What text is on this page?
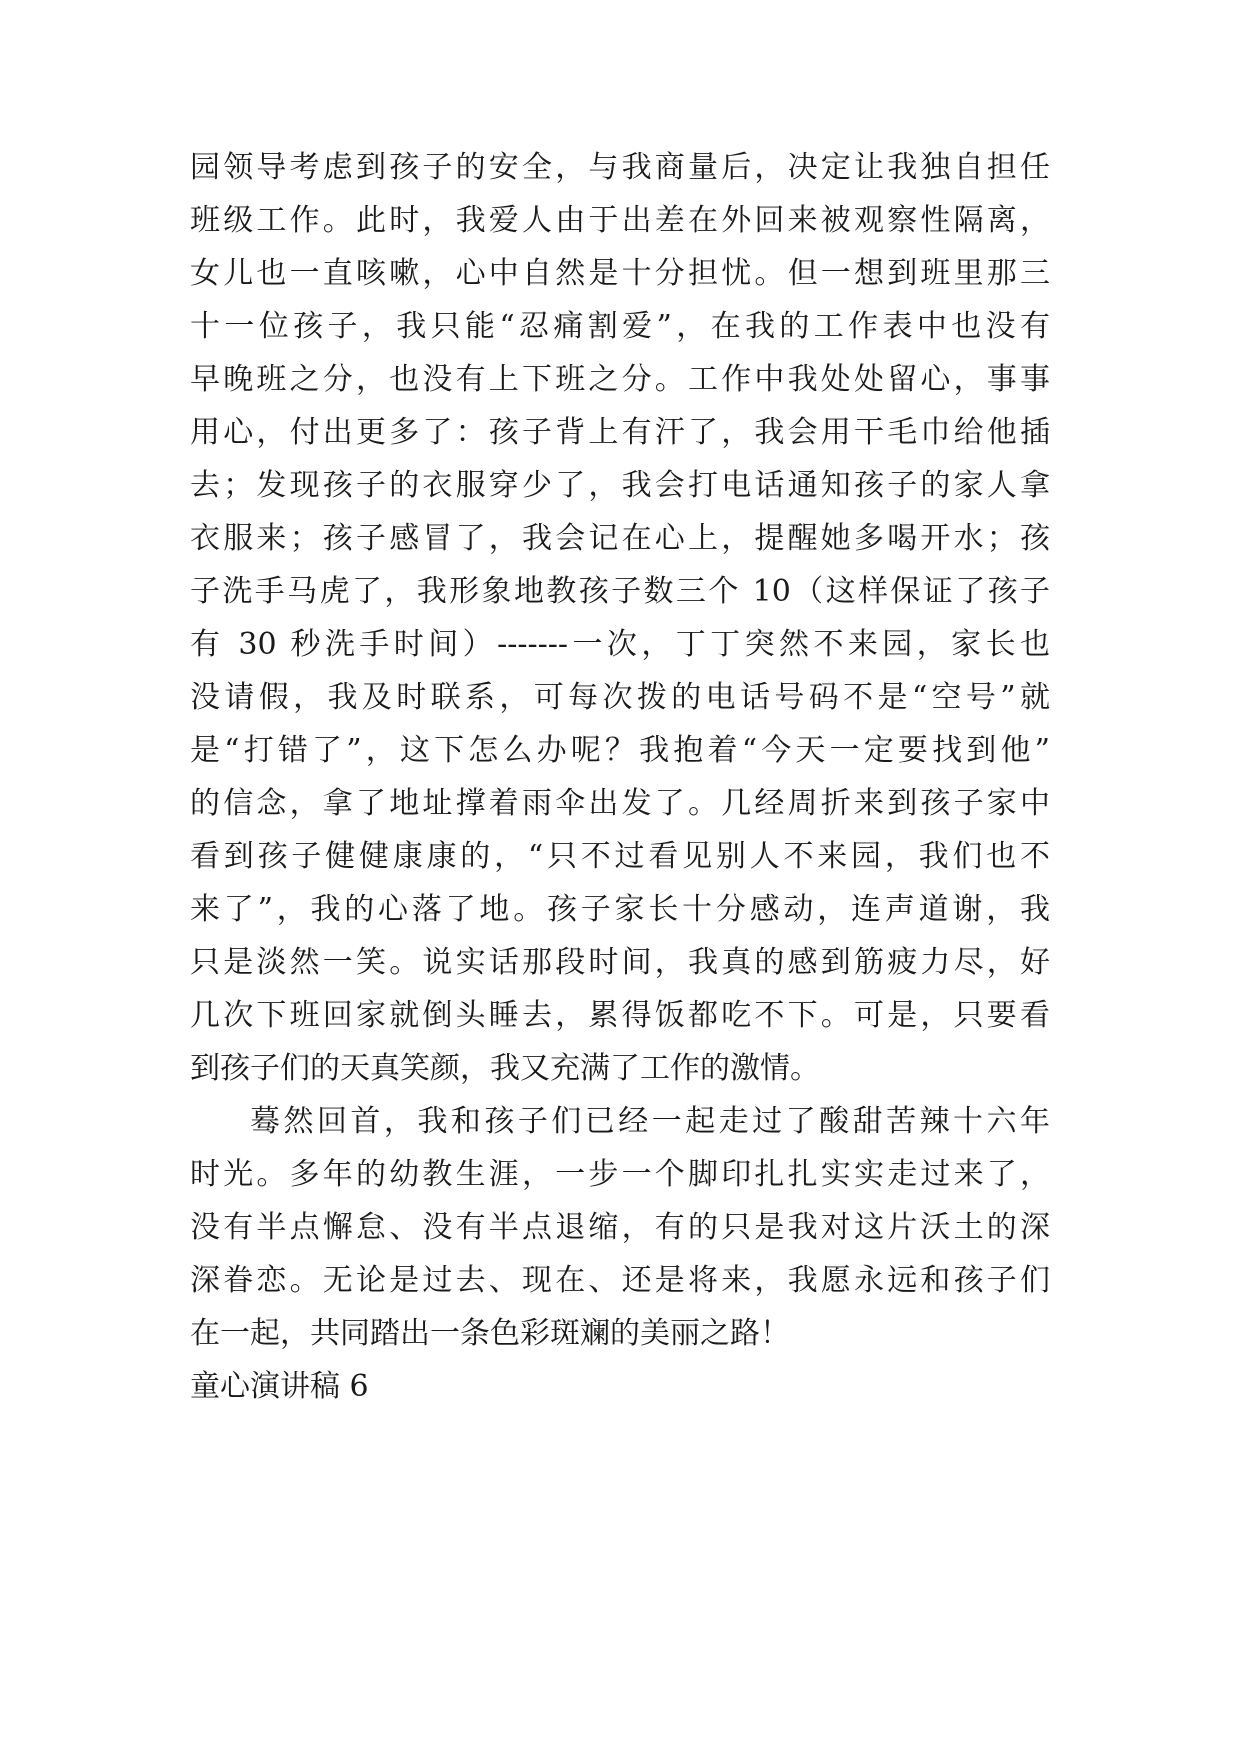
园领导考虑到孩子的安全，与我商量后，决定让我独自担任
班级工作。此时，我爱人由于出差在外回来被观察性隔离，
女儿也一直咳嗽，心中自然是十分担忧。但一想到班里那三
十一位孩子，我只能“忍痛割爱”，在我的工作表中也没有
早晚班之分，也没有上下班之分。工作中我处处留心，事事
用心，付出更多了：孩子背上有汗了，我会用干毛巾给他插
去；发现孩子的衣服穿少了，我会打电话通知孩子的家人拿
衣服来；孩子感冒了，我会记在心上，提醒她多喝开水；孩
子洗手马虎了，我形象地教孩子数三个 10（这样保证了孩子
有 30 秒洗手时间）-------一次，丁丁突然不来园，家长也
没请假，我及时联系，可每次拨的电话号码不是“空号”就
是“打错了”，这下怎么办呢？我抱着“今天一定要找到他”
的信念，拿了地址撑着雨伞出发了。几经周折来到孩子家中
看到孩子健健康康的，“只不过看见别人不来园，我们也不
来了”，我的心落了地。孩子家长十分感动，连声道谢，我
只是淡然一笑。说实话那段时间，我真的感到筋疲力尽，好
几次下班回家就倒头睡去，累得饭都吃不下。可是，只要看
到孩子们的天真笑颜，我又充满了工作的激情。
蓦然回首，我和孩子们已经一起走过了酸甜苦辣十六年
时光。多年的幼教生涯，一步一个脚印扎扎实实走过来了，
没有半点懈怠、没有半点退缩，有的只是我对这片沃土的深
深眷恋。无论是过去、现在、还是将来，我愿永远和孩子们
在一起，共同踏出一条色彩斑斓的美丽之路！
童心演讲稿 6
